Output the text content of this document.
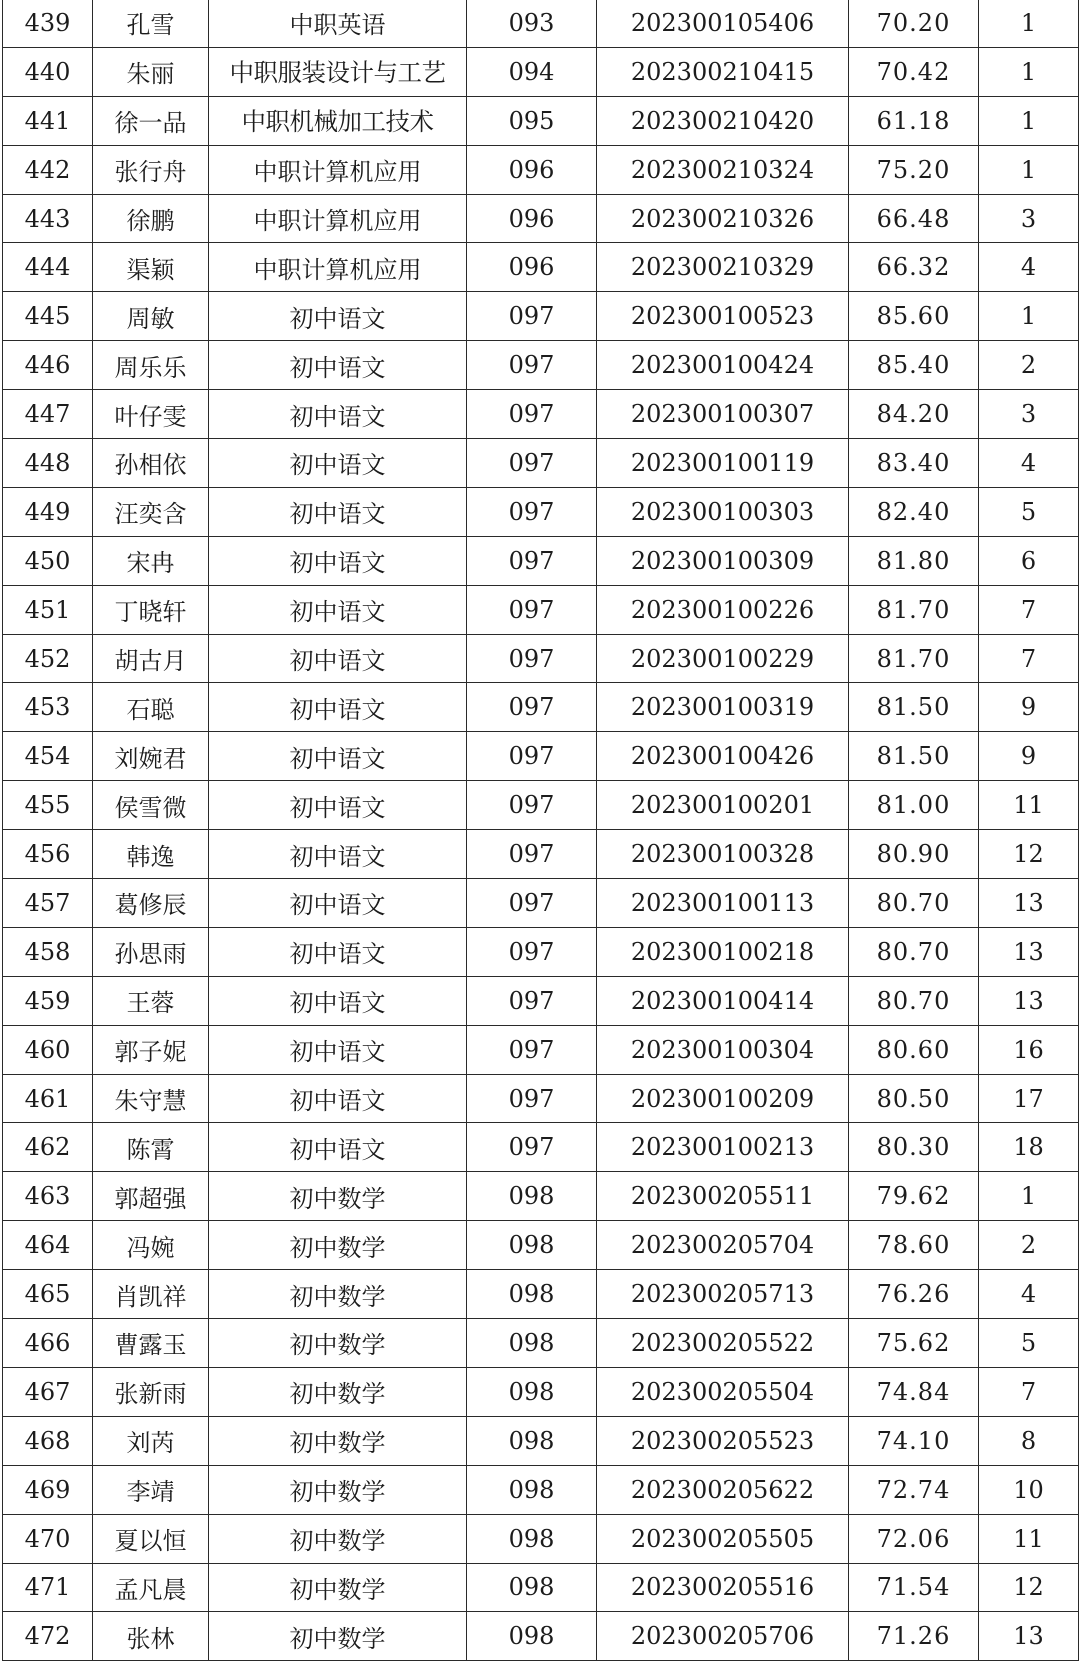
439	孔雪	中职英语	093	202300105406	70.20	1
440	朱丽	中职服装设计与工艺	094	202300210415	70.42	1
441	徐一品	中职机械加工技术	095	202300210420	61.18	1
442	张行舟	中职计算机应用	096	202300210324	75.20	1
443	徐鹏	中职计算机应用	096	202300210326	66.48	3
444	渠颖	中职计算机应用	096	202300210329	66.32	4
445	周敏	初中语文	097	202300100523	85.60	1
446	周乐乐	初中语文	097	202300100424	85.40	2
447	叶仔雯	初中语文	097	202300100307	84.20	3
448	孙相依	初中语文	097	202300100119	83.40	4
449	汪奕含	初中语文	097	202300100303	82.40	5
450	宋冉	初中语文	097	202300100309	81.80	6
451	丁晓轩	初中语文	097	202300100226	81.70	7
452	胡古月	初中语文	097	202300100229	81.70	7
453	石聪	初中语文	097	202300100319	81.50	9
454	刘婉君	初中语文	097	202300100426	81.50	9
455	侯雪微	初中语文	097	202300100201	81.00	11
456	韩逸	初中语文	097	202300100328	80.90	12
457	葛修辰	初中语文	097	202300100113	80.70	13
458	孙思雨	初中语文	097	202300100218	80.70	13
459	王蓉	初中语文	097	202300100414	80.70	13
460	郭子妮	初中语文	097	202300100304	80.60	16
461	朱守慧	初中语文	097	202300100209	80.50	17
462	陈霄	初中语文	097	202300100213	80.30	18
463	郭超强	初中数学	098	202300205511	79.62	1
464	冯婉	初中数学	098	202300205704	78.60	2
465	肖凯祥	初中数学	098	202300205713	76.26	4
466	曹露玉	初中数学	098	202300205522	75.62	5
467	张新雨	初中数学	098	202300205504	74.84	7
468	刘芮	初中数学	098	202300205523	74.10	8
469	李靖	初中数学	098	202300205622	72.74	10
470	夏以恒	初中数学	098	202300205505	72.06	11
471	孟凡晨	初中数学	098	202300205516	71.54	12
472	张林	初中数学	098	202300205706	71.26	13
